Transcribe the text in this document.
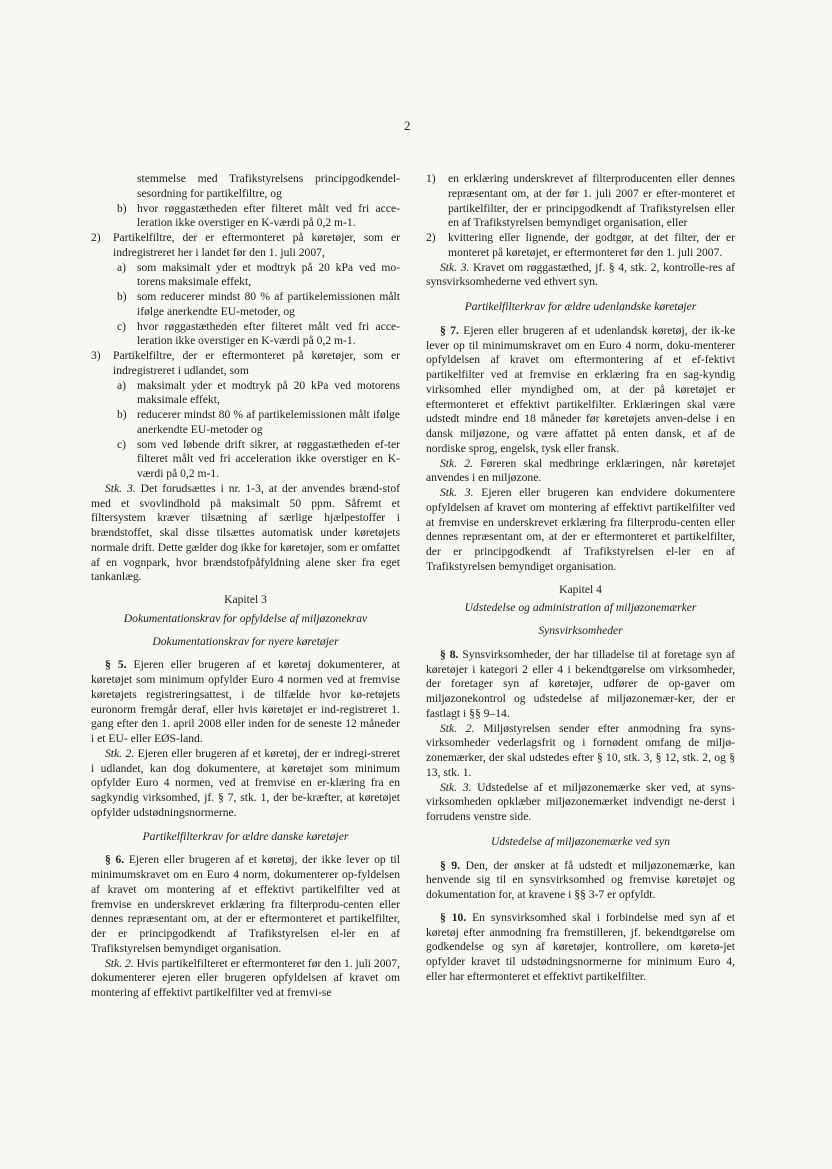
2

stemmelse med Trafikstyrelsens principgodkendel-sesordning for partikelfiltre, og

b) hvor røggastætheden efter filteret målt ved fri acce-leration ikke overstiger en K-værdi på 0,2 m-1.
2) Partikelfiltre, der er eftermonteret på køretøjer, som er indregistreret her i landet før den 1. juli 2007,
a) som maksimalt yder et modtryk på 20 kPa ved mo-torens maksimale effekt,
b) som reducerer mindst 80 % af partikelemissionen målt ifølge anerkendte EU-metoder, og
c) hvor røggastætheden efter filteret målt ved fri acce-leration ikke overstiger en K-værdi på 0,2 m-1.
3) Partikelfiltre, der er eftermonteret på køretøjer, som er indregistreret i udlandet, som
a) maksimalt yder et modtryk på 20 kPa ved motorens maksimale effekt,
b) reducerer mindst 80 % af partikelemissionen målt ifølge anerkendte EU-metoder og
c) som ved løbende drift sikrer, at røggastætheden ef-ter filteret målt ved fri acceleration ikke overstiger en K-værdi på 0,2 m-1.

Stk. 3. Det forudsættes i nr. 1-3, at der anvendes brænd-stof med et svovlindhold på maksimalt 50 ppm. Såfremt et filtersystem kræver tilsætning af særlige hjælpestoffer i brændstoffet, skal disse tilsættes automatisk under køretøjets normale drift. Dette gælder dog ikke for køretøjer, som er omfattet af en vognpark, hvor brændstofpåfyldning alene sker fra eget tankanlæg.

Kapitel 3

Dokumentationskrav for opfyldelse af miljøzonekrav

Dokumentationskrav for nyere køretøjer

§ 5. Ejeren eller brugeren af et køretøj dokumenterer, at køretøjet som minimum opfylder Euro 4 normen ved at fremvise køretøjets registreringsattest, i de tilfælde hvor kø-retøjets euronorm fremgår deraf, eller hvis køretøjet er ind-registreret 1. gang efter den 1. april 2008 eller inden for de seneste 12 måneder i et EU- eller EØS-land.

Stk. 2. Ejeren eller brugeren af et køretøj, der er indregi-streret i udlandet, kan dog dokumentere, at køretøjet som minimum opfylder Euro 4 normen, ved at fremvise en er-klæring fra en sagkyndig virksomhed, jf. § 7, stk. 1, der be-kræfter, at køretøjet opfylder udstødningsnormerne.

Partikelfilterkrav for ældre danske køretøjer

§ 6. Ejeren eller brugeren af et køretøj, der ikke lever op til minimumskravet om en Euro 4 norm, dokumenterer op-fyldelsen af kravet om montering af et effektivt partikelfilter ved at fremvise en underskrevet erklæring fra filterprodu-centen eller dennes repræsentant om, at der er eftermonteret et partikelfilter, der er principgodkendt af Trafikstyrelsen el-ler en af Trafikstyrelsen bemyndiget organisation.

Stk. 2. Hvis partikelfilteret er eftermonteret før den 1. juli 2007, dokumenterer ejeren eller brugeren opfyldelsen af kravet om montering af effektivt partikelfilter ved at fremvi-se

1) en erklæring underskrevet af filterproducenten eller dennes repræsentant om, at der før 1. juli 2007 er efter-monteret et partikelfilter, der er principgodkendt af Trafikstyrelsen eller en af Trafikstyrelsen bemyndiget organisation, eller
2) kvittering eller lignende, der godtgør, at det filter, der er monteret på køretøjet, er eftermonteret før den 1. juli 2007.

Stk. 3. Kravet om røggastæthed, jf. § 4, stk. 2, kontrolle-res af synsvirksomhederne ved ethvert syn.

Partikelfilterkrav for ældre udenlandske køretøjer

§ 7. Ejeren eller brugeren af et udenlandsk køretøj, der ik-ke lever op til minimumskravet om en Euro 4 norm, doku-menterer opfyldelsen af kravet om eftermontering af et ef-fektivt partikelfilter ved at fremvise en erklæring fra en sag-kyndig virksomhed eller myndighed om, at der på køretøjet er eftermonteret et effektivt partikelfilter. Erklæringen skal være udstedt mindre end 18 måneder før køretøjets anven-delse i en dansk miljøzone, og være affattet på enten dansk, et af de nordiske sprog, engelsk, tysk eller fransk.

Stk. 2. Føreren skal medbringe erklæringen, når køretøjet anvendes i en miljøzone.

Stk. 3. Ejeren eller brugeren kan endvidere dokumentere opfyldelsen af kravet om montering af effektivt partikelfilter ved at fremvise en underskrevet erklæring fra filterprodu-centen eller dennes repræsentant om, at der er eftermonteret et partikelfilter, der er principgodkendt af Trafikstyrelsen el-ler en af Trafikstyrelsen bemyndiget organisation.

Kapitel 4

Udstedelse og administration af miljøzonemærker

Synsvirksomheder

§ 8. Synsvirksomheder, der har tilladelse til at foretage syn af køretøjer i kategori 2 eller 4 i bekendtgørelse om virksomheder, der foretager syn af køretøjer, udfører de op-gaver om miljøzonekontrol og udstedelse af miljøzonemær-ker, der er fastlagt i §§ 9–14.

Stk. 2. Miljøstyrelsen sender efter anmodning fra syns-virksomheder vederlagsfrit og i fornødent omfang de miljø-zonemærker, der skal udstedes efter § 10, stk. 3, § 12, stk. 2, og § 13, stk. 1.

Stk. 3. Udstedelse af et miljøzonemærke sker ved, at syns-virksomheden opklæber miljøzonemærket indvendigt ne-derst i forrudens venstre side.

Udstedelse af miljøzonemærke ved syn

§ 9. Den, der ønsker at få udstedt et miljøzonemærke, kan henvende sig til en synsvirksomhed og fremvise køretøjet og dokumentation for, at kravene i §§ 3-7 er opfyldt.

§ 10. En synsvirksomhed skal i forbindelse med syn af et køretøj efter anmodning fra fremstilleren, jf. bekendtgørelse om godkendelse og syn af køretøjer, kontrollere, om køretø-jet opfylder kravet til udstødningsnormerne for minimum Euro 4, eller har eftermonteret et effektivt partikelfilter.
